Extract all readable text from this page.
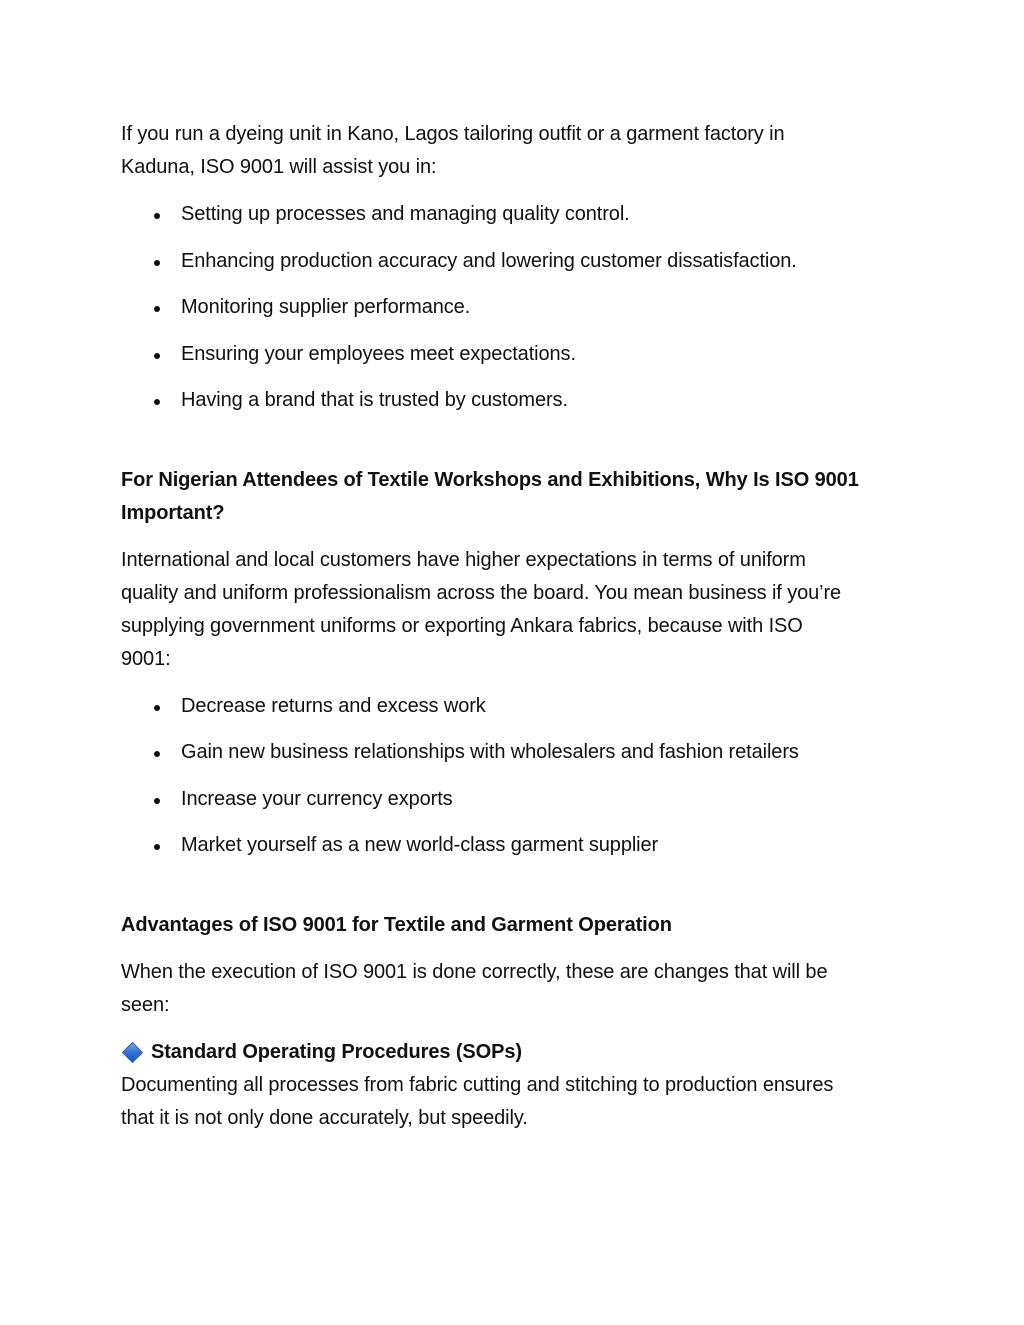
If you run a dyeing unit in Kano, Lagos tailoring outfit or a garment factory in

Kaduna, ISO 9001 will assist you in:

Setting up processes and managing quality control.
Enhancing production accuracy and lowering customer dissatisfaction.
Monitoring supplier performance.
Ensuring your employees meet expectations.
Having a brand that is trusted by customers.
For Nigerian Attendees of Textile Workshops and Exhibitions, Why Is ISO 9001
Important?

International and local customers have higher expectations in terms of uniform

quality and uniform professionalism across the board. You mean business if you’re

supplying government uniforms or exporting Ankara fabrics, because with ISO

9001:

Decrease returns and excess work
Gain new business relationships with wholesalers and fashion retailers
Increase your currency exports
Market yourself as a new world-class garment supplier
Advantages of ISO 9001 for Textile and Garment Operation

When the execution of ISO 9001 is done correctly, these are changes that will be

seen:

Standard Operating Procedures (SOPs)

Documenting all processes from fabric cutting and stitching to production ensures

that it is not only done accurately, but speedily.
